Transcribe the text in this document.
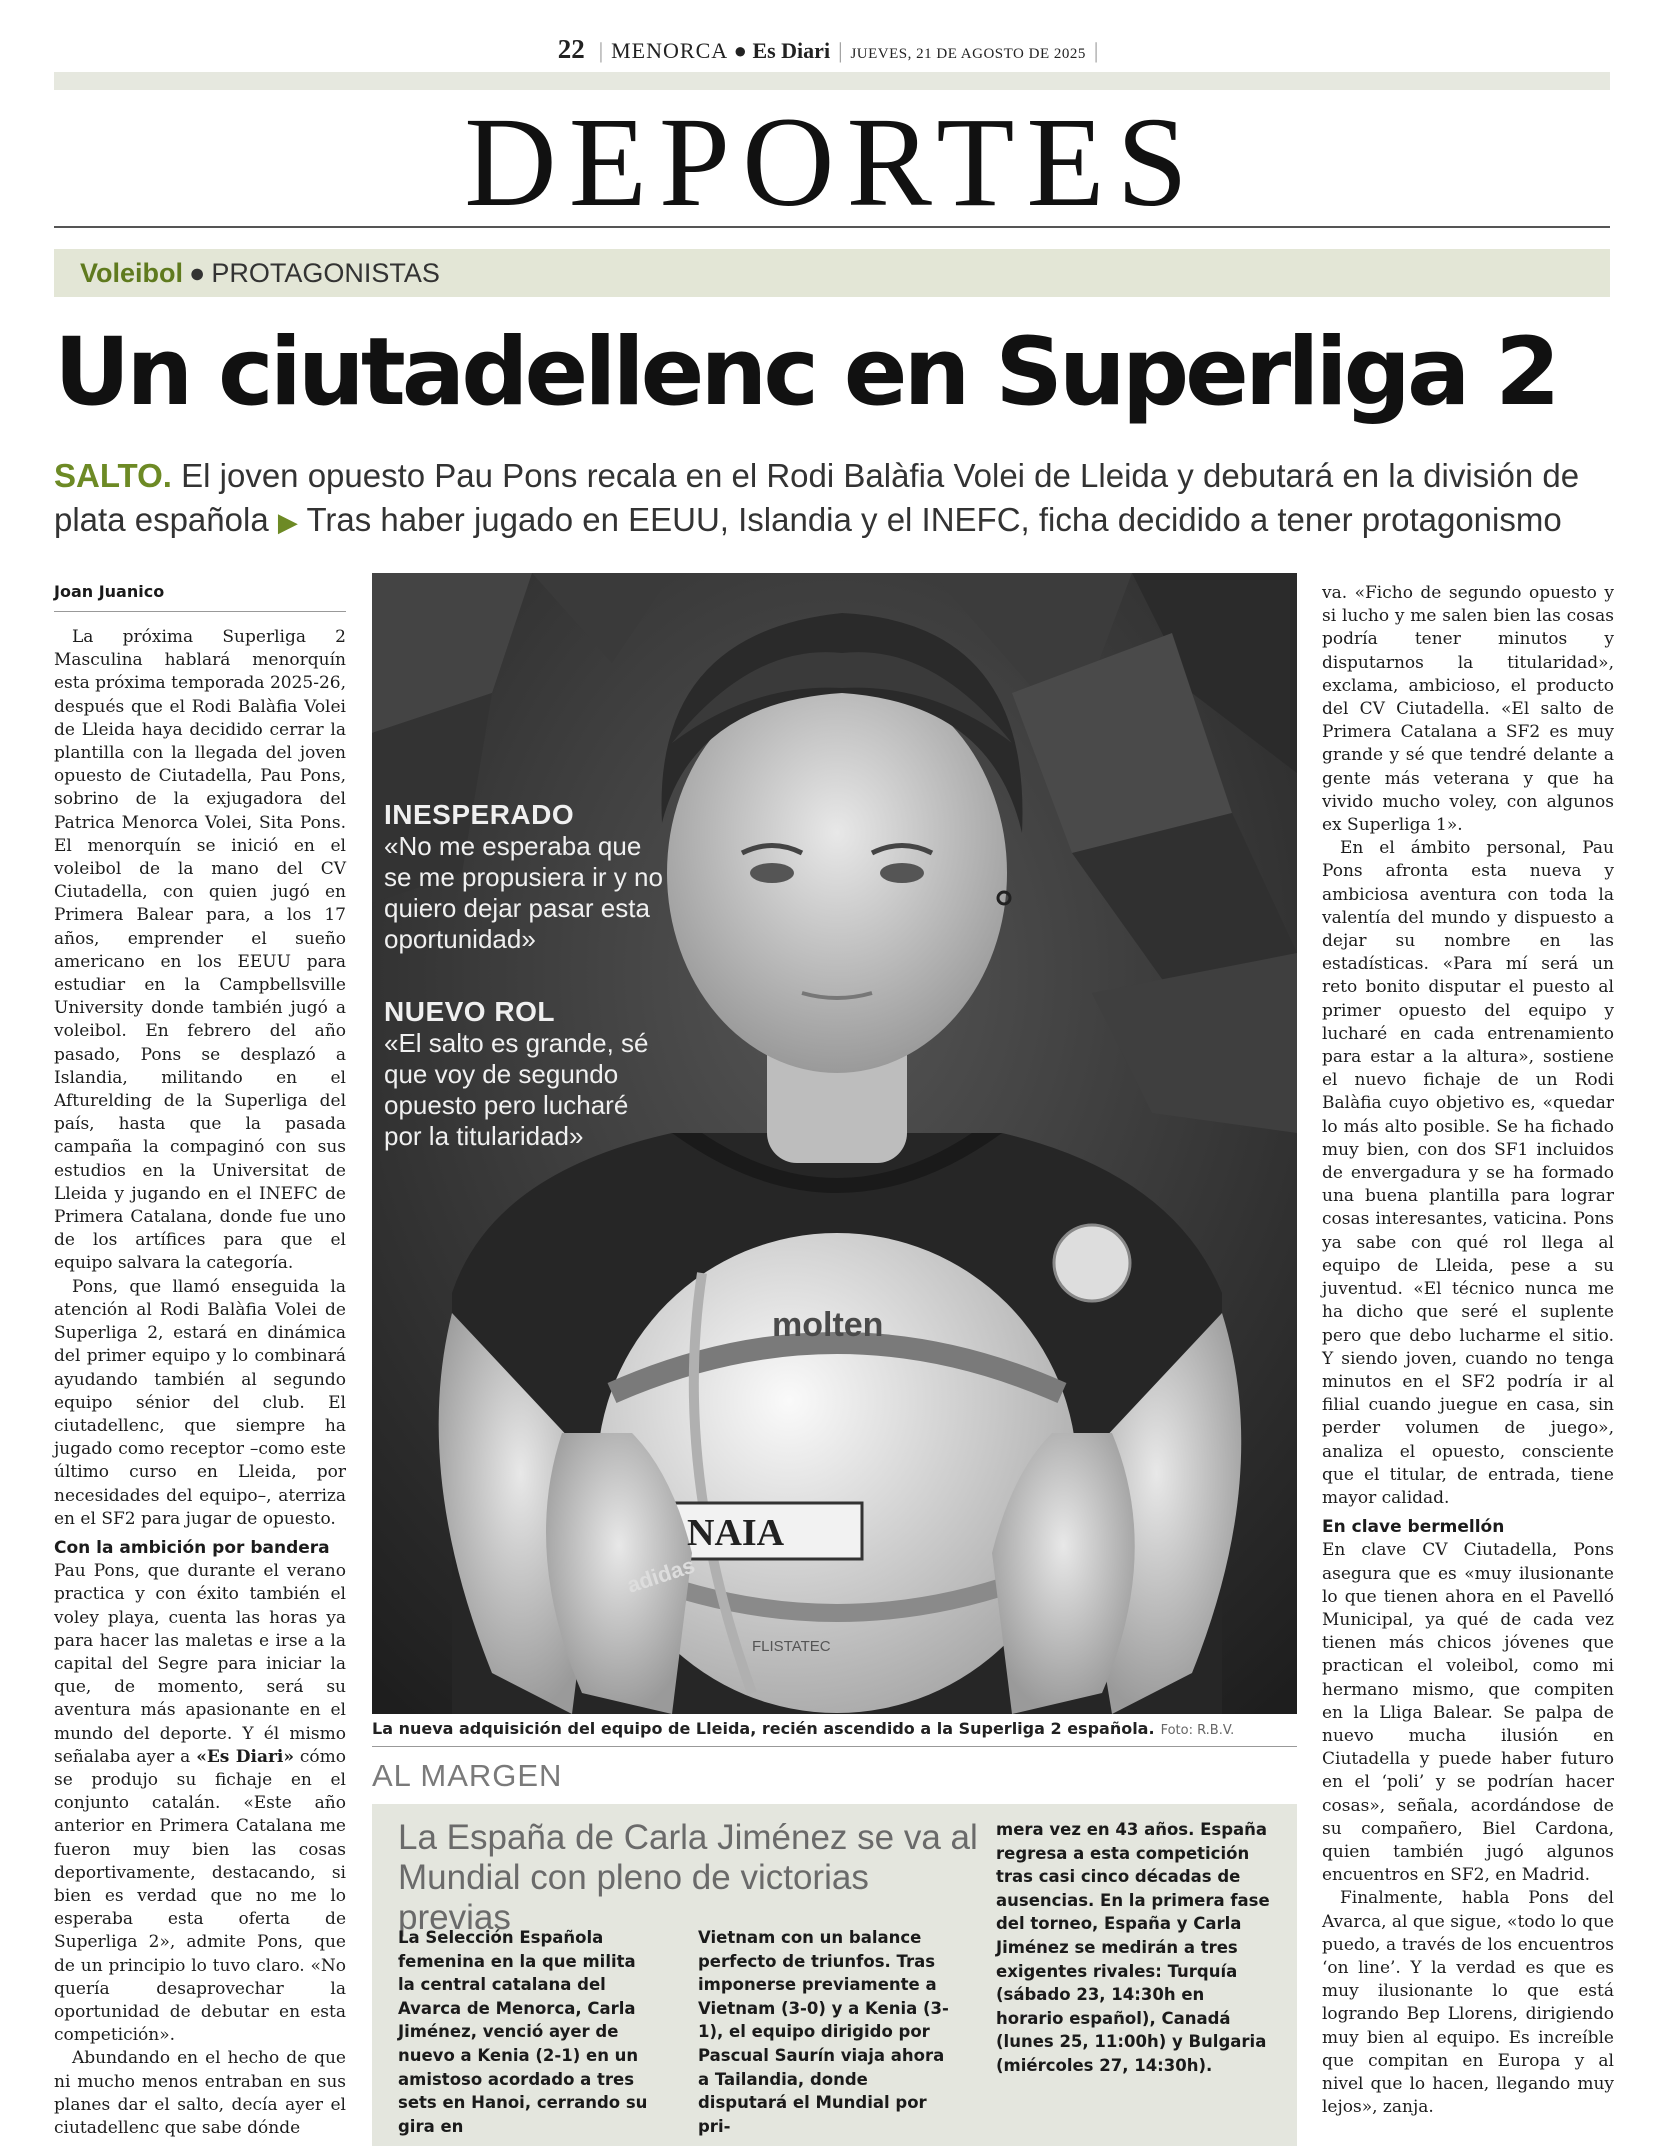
22 | MENORCA ● Es Diari | JUEVES, 21 DE AGOSTO DE 2025 |
DEPORTES
Voleibol ● PROTAGONISTAS
Un ciutadellenc en Superliga 2
SALTO. El joven opuesto Pau Pons recala en el Rodi Balàfia Volei de Lleida y debutará en la división de plata española ▶ Tras haber jugado en EEUU, Islandia y el INEFC, ficha decidido a tener protagonismo
Joan Juanico

La próxima Superliga 2 Masculina hablará menorquín esta próxima temporada 2025-26, después que el Rodi Balàfia Volei de Lleida haya decidido cerrar la plantilla con la llegada del joven opuesto de Ciutadella, Pau Pons, sobrino de la exjugadora del Patrica Menorca Volei, Sita Pons. El menorquín se inició en el voleibol de la mano del CV Ciutadella, con quien jugó en Primera Balear para, a los 17 años, emprender el sueño americano en los EEUU para estudiar en la Campbellsville University donde también jugó a voleibol. En febrero del año pasado, Pons se desplazó a Islandia, militando en el Afturelding de la Superliga del país, hasta que la pasada campaña la compaginó con sus estudios en la Universitat de Lleida y jugando en el INEFC de Primera Catalana, donde fue uno de los artífices para que el equipo salvara la categoría.

Pons, que llamó enseguida la atención al Rodi Balàfia Volei de Superliga 2, estará en dinámica del primer equipo y lo combinará ayudando también al segundo equipo sénior del club. El ciutadellenc, que siempre ha jugado como receptor –como este último curso en Lleida, por necesidades del equipo–, aterriza en el SF2 para jugar de opuesto.

Con la ambición por bandera

Pau Pons, que durante el verano practica y con éxito también el voley playa, cuenta las horas ya para hacer las maletas e irse a la capital del Segre para iniciar la que, de momento, será su aventura más apasionante en el mundo del deporte. Y él mismo señalaba ayer a «Es Diari» cómo se produjo su fichaje en el conjunto catalán. «Este año anterior en Primera Catalana me fueron muy bien las cosas deportivamente, destacando, si bien es verdad que no me lo esperaba esta oferta de Superliga 2», admite Pons, que de un principio lo tuvo claro. «No quería desaprovechar la oportunidad de debutar en esta competición».

Abundando en el hecho de que ni mucho menos entraban en sus planes dar el salto, decía ayer el ciutadellenc que sabe dónde

va. «Ficho de segundo opuesto y si lucho y me salen bien las cosas podría tener minutos y disputarnos la titularidad», exclama, ambicioso, el producto del CV Ciutadella. «El salto de Primera Catalana a SF2 es muy grande y sé que tendré delante a gente más veterana y que ha vivido mucho voley, con algunos ex Superliga 1».

En el ámbito personal, Pau Pons afronta esta nueva y ambiciosa aventura con toda la valentía del mundo y dispuesto a dejar su nombre en las estadísticas. «Para mí será un reto bonito disputar el puesto al primer opuesto del equipo y lucharé en cada entrenamiento para estar a la altura», sostiene el nuevo fichaje de un Rodi Balàfia cuyo objetivo es, «quedar lo más alto posible. Se ha fichado muy bien, con dos SF1 incluidos de envergadura y se ha formado una buena plantilla para lograr cosas interesantes, vaticina. Pons ya sabe con qué rol llega al equipo de Lleida, pese a su juventud. «El técnico nunca me ha dicho que seré el suplente pero que debo lucharme el sitio. Y siendo joven, cuando no tenga minutos en el SF2 podría ir al filial cuando juegue en casa, sin perder volumen de juego», analiza el opuesto, consciente que el titular, de entrada, tiene mayor calidad.

En clave bermellón

En clave CV Ciutadella, Pons asegura que es «muy ilusionante lo que tienen ahora en el Pavelló Municipal, ya qué de cada vez tienen más chicos jóvenes que practican el voleibol, como mi hermano mismo, que compiten en la Lliga Balear. Se palpa de nuevo mucha ilusión en Ciutadella y puede haber futuro en el ‘poli’ y se podrían hacer cosas», señala, acordándose de su compañero, Biel Cardona, quien también jugó algunos encuentros en SF2, en Madrid.

Finalmente, habla Pons del Avarca, al que sigue, «todo lo que puedo, a través de los encuentros ‘on line’. Y la verdad es que es muy ilusionante lo que está logrando Bep Llorens, dirigiendo muy bien al equipo. Es increíble que compitan en Europa y al nivel que lo hacen, llegando muy lejos», zanja.

molten
NAIA
FLISTATEC
adidas
INESPERADO
«No me esperaba que se me propusiera ir y no quiero dejar pasar esta oportunidad»
NUEVO ROL
«El salto es grande, sé que voy de segundo opuesto pero lucharé por la titularidad»
La nueva adquisición del equipo de Lleida, recién ascendido a la Superliga 2 española. Foto: R.B.V.
AL MARGEN
La España de Carla Jiménez se va al Mundial con pleno de victorias previas
La Selección Española femenina en la que milita la central catalana del Avarca de Menorca, Carla Jiménez, venció ayer de nuevo a Kenia (2-1) en un amistoso acordado a tres sets en Hanoi, cerrando su gira en
Vietnam con un balance perfecto de triunfos. Tras imponerse previamente a Vietnam (3-0) y a Kenia (3-1), el equipo dirigido por Pascual Saurín viaja ahora a Tailandia, donde disputará el Mundial por pri-
mera vez en 43 años. España regresa a esta competición tras casi cinco décadas de ausencias. En la primera fase del torneo, España y Carla Jiménez se medirán a tres exigentes rivales: Turquía (sábado 23, 14:30h en horario español), Canadá (lunes 25, 11:00h) y Bulgaria (miércoles 27, 14:30h).
